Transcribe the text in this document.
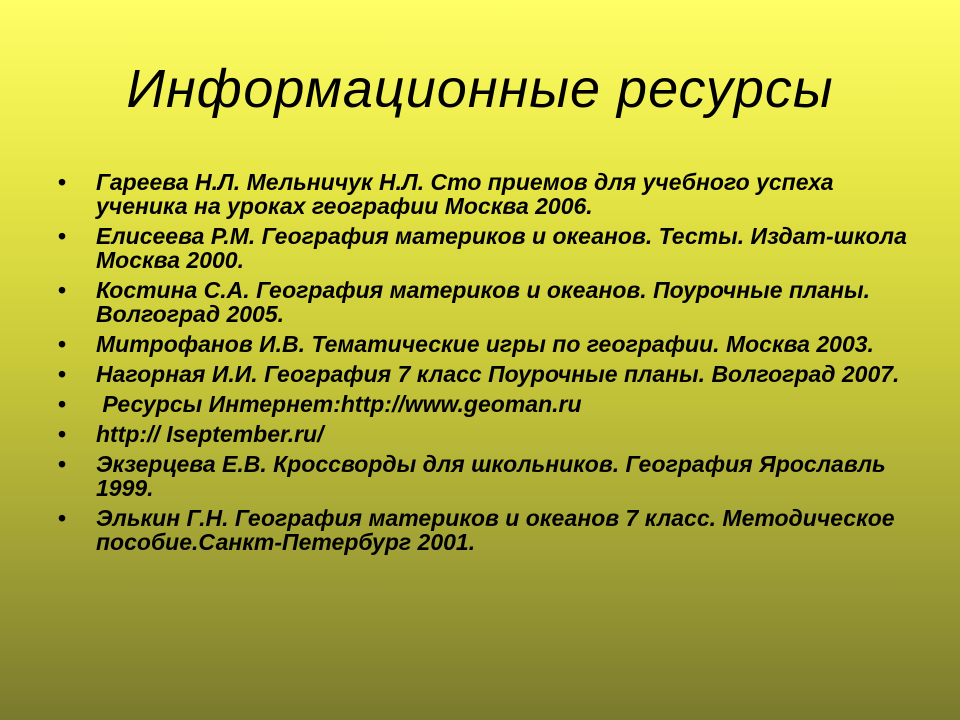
Информационные ресурсы
• Гареева Н.Л. Мельничук Н.Л. Сто приемов для учебного успеха ученика на уроках географии Москва 2006.
• Елисеева Р.М. География материков и океанов. Тесты. Издат-школа Москва 2000.
• Костина С.А. География материков и океанов. Поурочные планы. Волгоград 2005.
• Митрофанов И.В. Тематические игры по географии. Москва 2003.
• Нагорная И.И. География 7 класс Поурочные планы. Волгоград 2007.
• Ресурсы Интернет:http://www.geoman.ru
• http:// Iseptember.ru/
• Экзерцева Е.В. Кроссворды для школьников. География Ярославль 1999.
• Элькин Г.Н. География материков и океанов 7 класс. Методическое пособие.Санкт-Петербург 2001.
